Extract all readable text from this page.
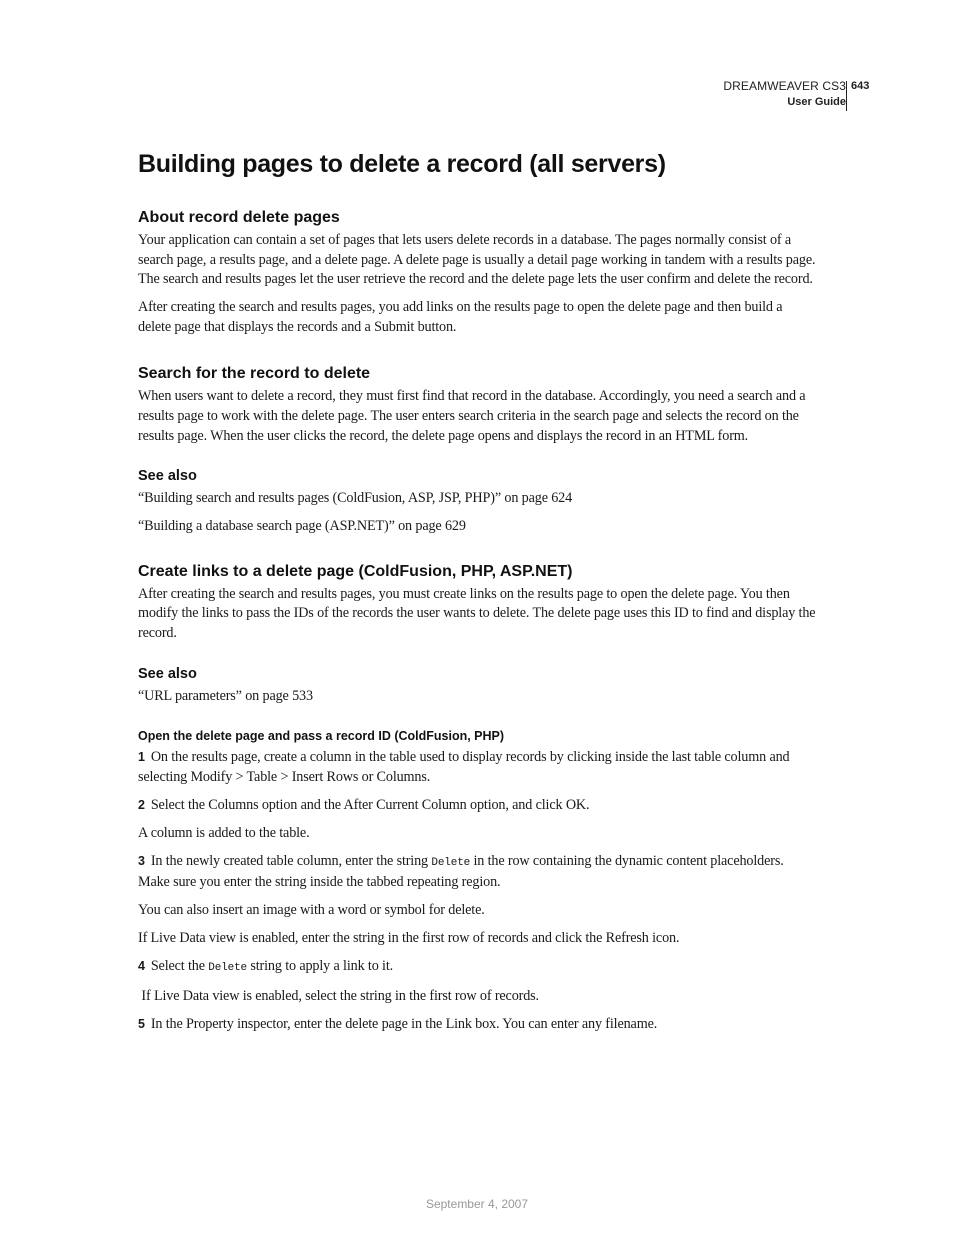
DREAMWEAVER CS3
User Guide
643
Building pages to delete a record (all servers)
About record delete pages

Your application can contain a set of pages that lets users delete records in a database. The pages normally consist of a search page, a results page, and a delete page. A delete page is usually a detail page working in tandem with a results page. The search and results pages let the user retrieve the record and the delete page lets the user confirm and delete the record.

After creating the search and results pages, you add links on the results page to open the delete page and then build a delete page that displays the records and a Submit button.

Search for the record to delete

When users want to delete a record, they must first find that record in the database. Accordingly, you need a search and a results page to work with the delete page. The user enters search criteria in the search page and selects the record on the results page. When the user clicks the record, the delete page opens and displays the record in an HTML form.

See also

“Building search and results pages (ColdFusion, ASP, JSP, PHP)” on page 624

“Building a database search page (ASP.NET)” on page 629

Create links to a delete page (ColdFusion, PHP, ASP.NET)

After creating the search and results pages, you must create links on the results page to open the delete page. You then modify the links to pass the IDs of the records the user wants to delete. The delete page uses this ID to find and display the record.

See also

“URL parameters” on page 533

Open the delete page and pass a record ID (ColdFusion, PHP)

1 On the results page, create a column in the table used to display records by clicking inside the last table column and selecting Modify > Table > Insert Rows or Columns.

2 Select the Columns option and the After Current Column option, and click OK.

A column is added to the table.

3 In the newly created table column, enter the string Delete in the row containing the dynamic content placeholders. Make sure you enter the string inside the tabbed repeating region.

You can also insert an image with a word or symbol for delete.

If Live Data view is enabled, enter the string in the first row of records and click the Refresh icon.

4 Select the Delete string to apply a link to it.

If Live Data view is enabled, select the string in the first row of records.

5 In the Property inspector, enter the delete page in the Link box. You can enter any filename.

September 4, 2007
